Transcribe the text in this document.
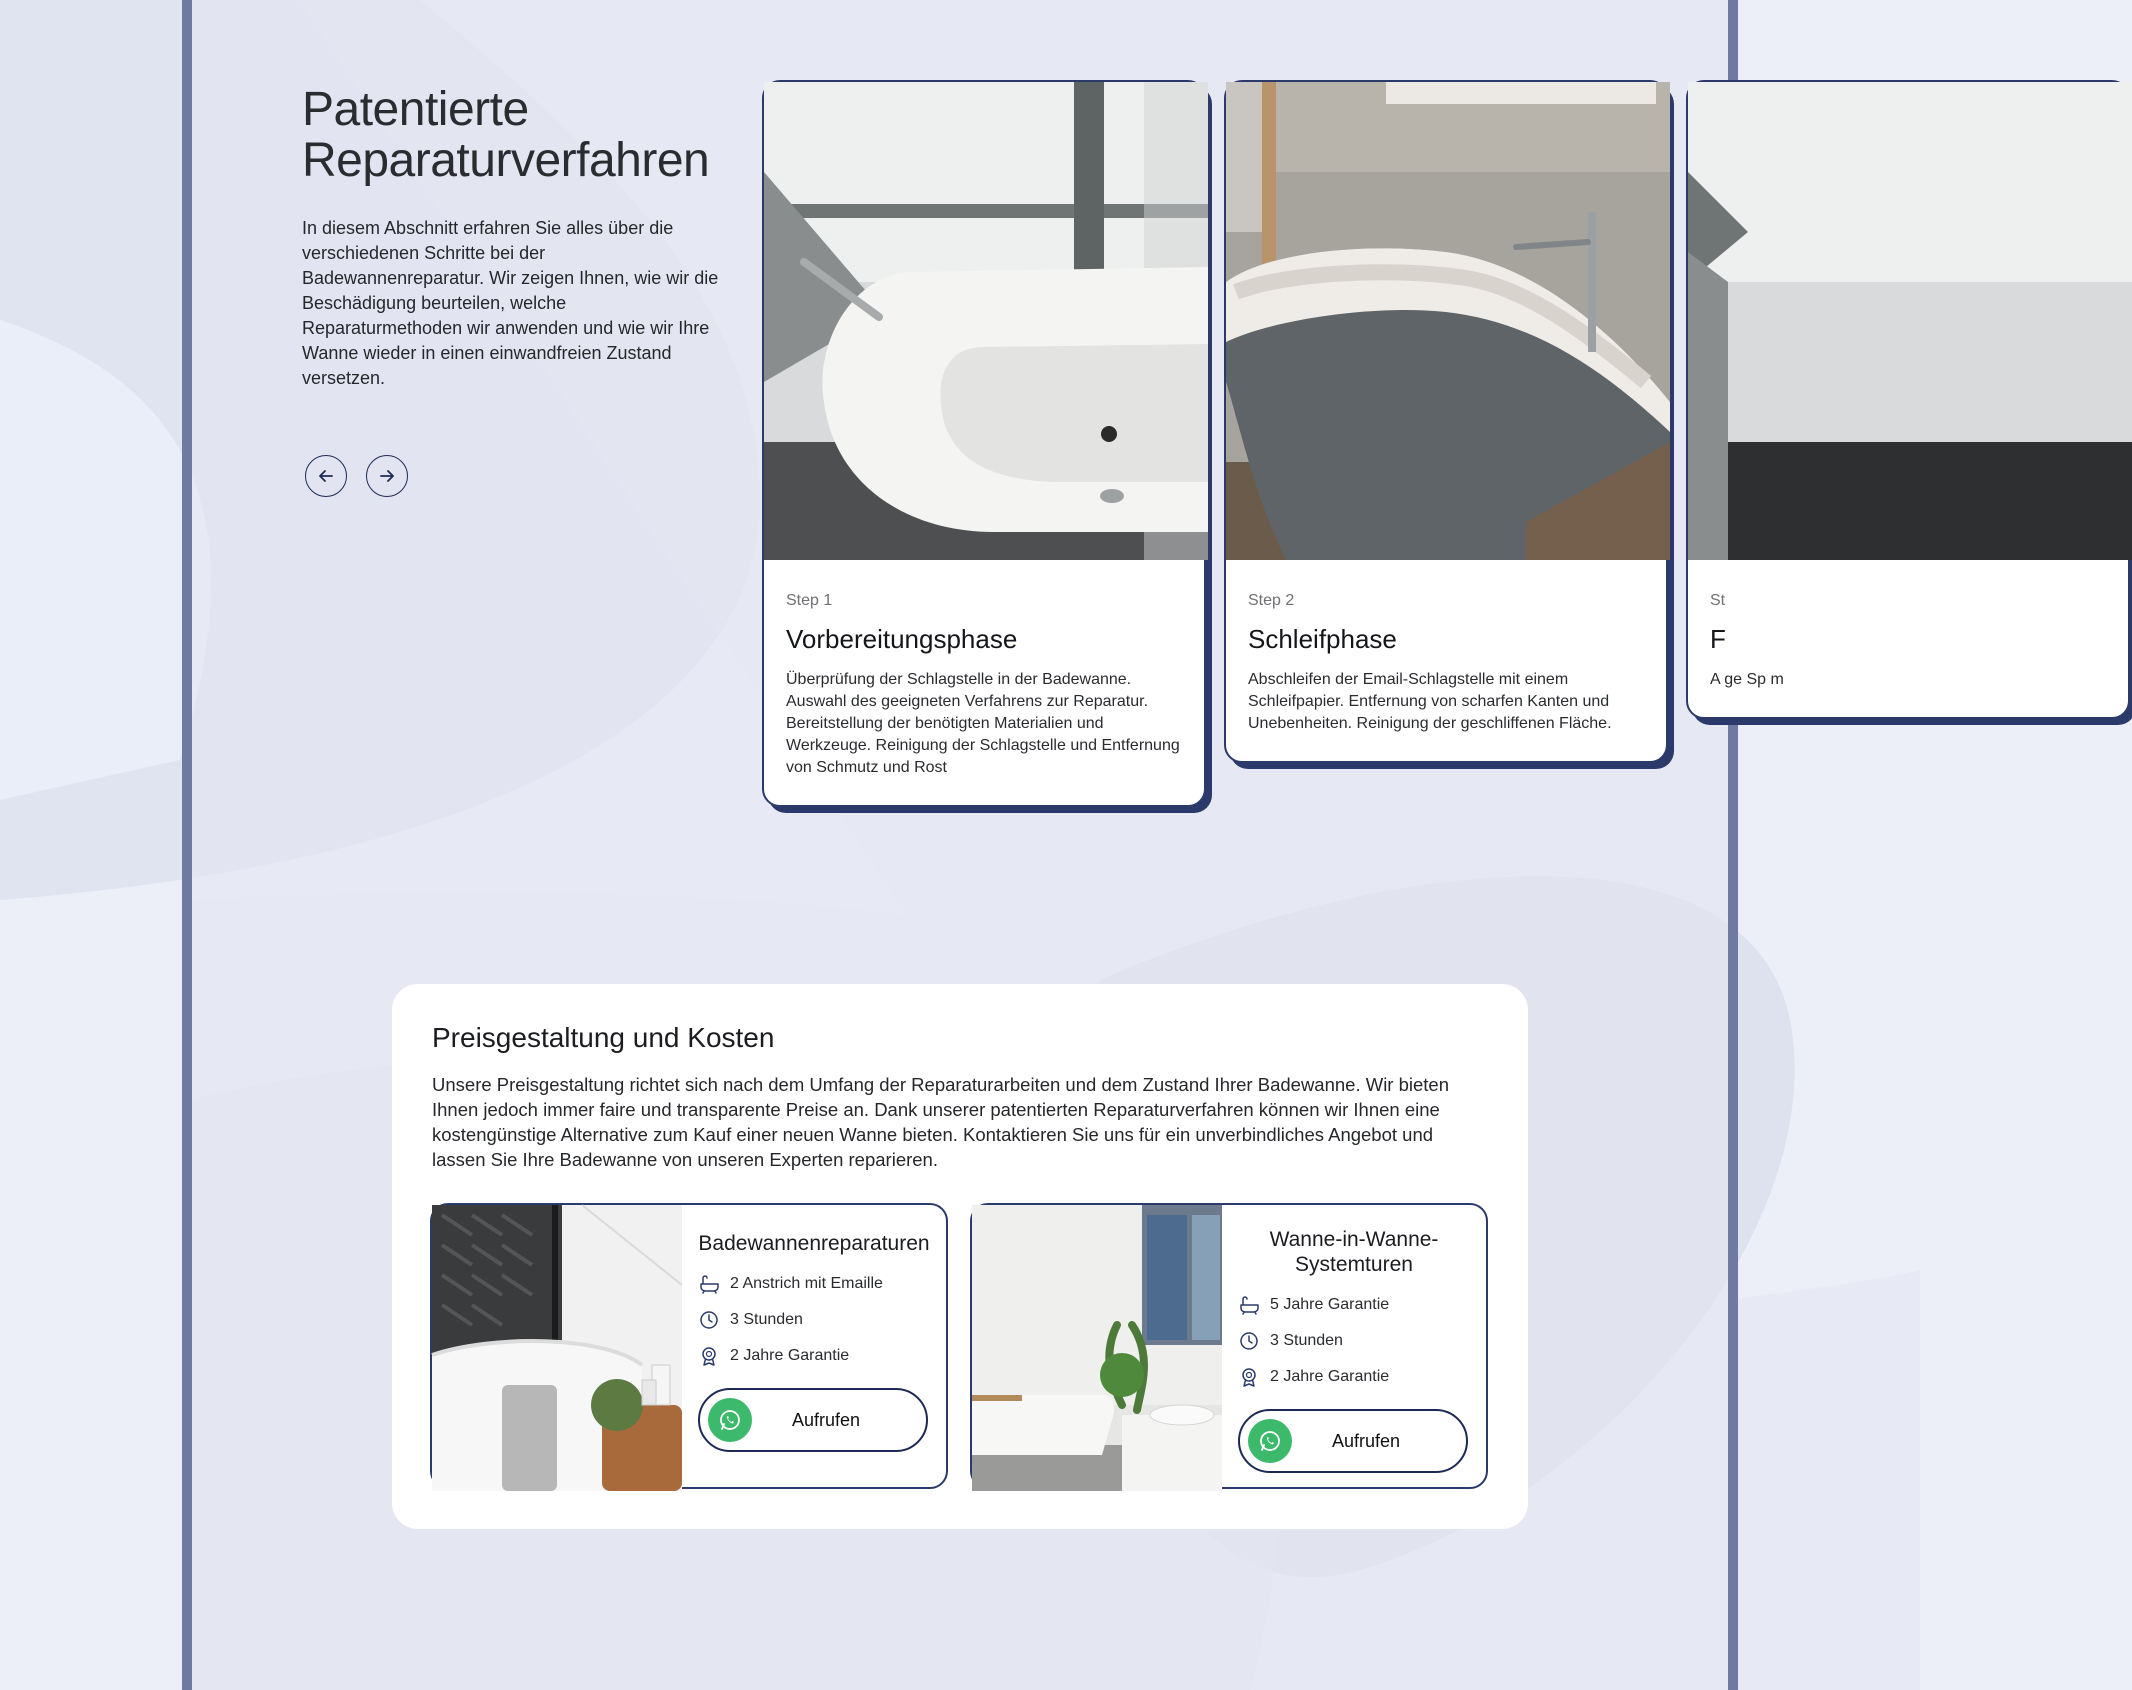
Patentierte Reparaturverfahren

In diesem Abschnitt erfahren Sie alles über die verschiedenen Schritte bei der Badewannenreparatur. Wir zeigen Ihnen, wie wir die Beschädigung beurteilen, welche Reparaturmethoden wir anwenden und wie wir Ihre Wanne wieder in einen einwandfreien Zustand versetzen.

Step 1

Vorbereitungsphase

Überprüfung der Schlagstelle in der Badewanne. Auswahl des geeigneten Verfahrens zur Reparatur. Bereitstellung der benötigten Materialien und Werkzeuge. Reinigung der Schlagstelle und Entfernung von Schmutz und Rost

Step 2

Schleifphase

Abschleifen der Email-Schlagstelle mit einem Schleifpapier. Entfernung von scharfen Kanten und Unebenheiten. Reinigung der geschliffenen Fläche.

St

F

A ge Sp m

Preisgestaltung und Kosten

Unsere Preisgestaltung richtet sich nach dem Umfang der Reparaturarbeiten und dem Zustand Ihrer Badewanne. Wir bieten Ihnen jedoch immer faire und transparente Preise an. Dank unserer patentierten Reparaturverfahren können wir Ihnen eine kostengünstige Alternative zum Kauf einer neuen Wanne bieten. Kontaktieren Sie uns für ein unverbindliches Angebot und lassen Sie Ihre Badewanne von unseren Experten reparieren.

Badewannenreparaturen
2 Anstrich mit Emaille
3 Stunden
2 Jahre Garantie
Aufrufen
Wanne-in-Wanne-Systemturen
5 Jahre Garantie
3 Stunden
2 Jahre Garantie
Aufrufen
